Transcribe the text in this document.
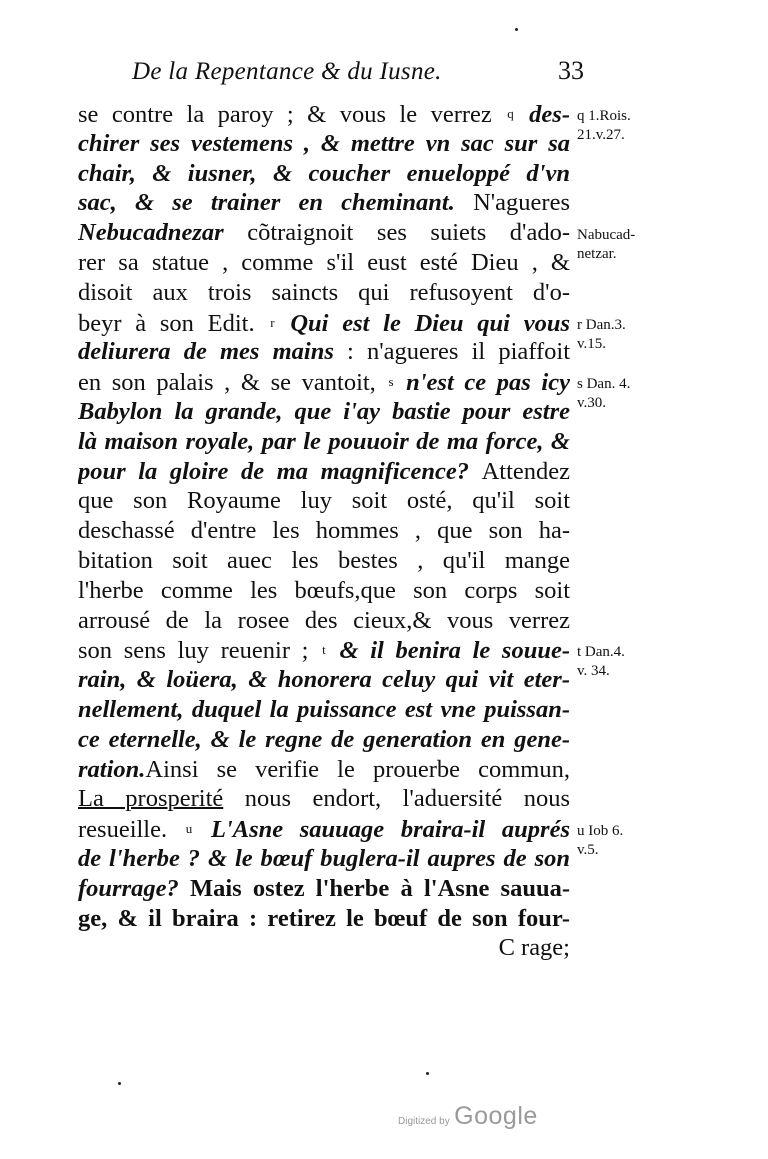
De la Repentance & du Iusne.	33
se contre la paroy ; & vous le verrez q des-
chirer ses vestemens , & mettre vn sac sur sa
chair, & iusner, & coucher enueloppé d'vn
sac, & se trainer en cheminant. N'agueres
Nebucadnezar cõtraignoit ses suiets d'ado-
rer sa statue , comme s'il eust esté Dieu , &
disoit aux trois saincts qui refusoyent d'o-
beyr à son Edit. r Qui est le Dieu qui vous
deliurera de mes mains : n'agueres il piaffoit
en son palais , & se vantoit, s n'est ce pas icy
Babylon la grande, que i'ay bastie pour estre
là maison royale, par le pouuoir de ma force, &
pour la gloire de ma magnificence? Attendez
que son Royaume luy soit osté, qu'il soit
deschassé d'entre les hommes , que son ha-
bitation soit auec les bestes , qu'il mange
l'herbe comme les bœufs,que son corps soit
arrousé de la rosee des cieux,& vous verrez
son sens luy reuenir ; t & il benira le souue-
rain, & loüera, & honorera celuy qui vit eter-
nellement, duquel la puissance est vne puissan-
ce eternelle, & le regne de generation en gene-
ration.Ainsi se verifie le prouerbe commun,
La prosperité nous endort, l'aduersité nous
resueille. u L'Asne sauuage braira-il auprés
de l'herbe ? & le bœuf buglera-il aupres de son
fourrage? Mais ostez l'herbe à l'Asne sauua-
ge, & il braira : retirez le bœuf de son four-
C rage;
q 1.Rois.
21.v.27.
Nabucad-
netzar.
r Dan.3.
v.15.
s Dan. 4.
v.30.
t Dan.4.
v. 34.
u Iob 6.
v.5.
Digitized by Google
